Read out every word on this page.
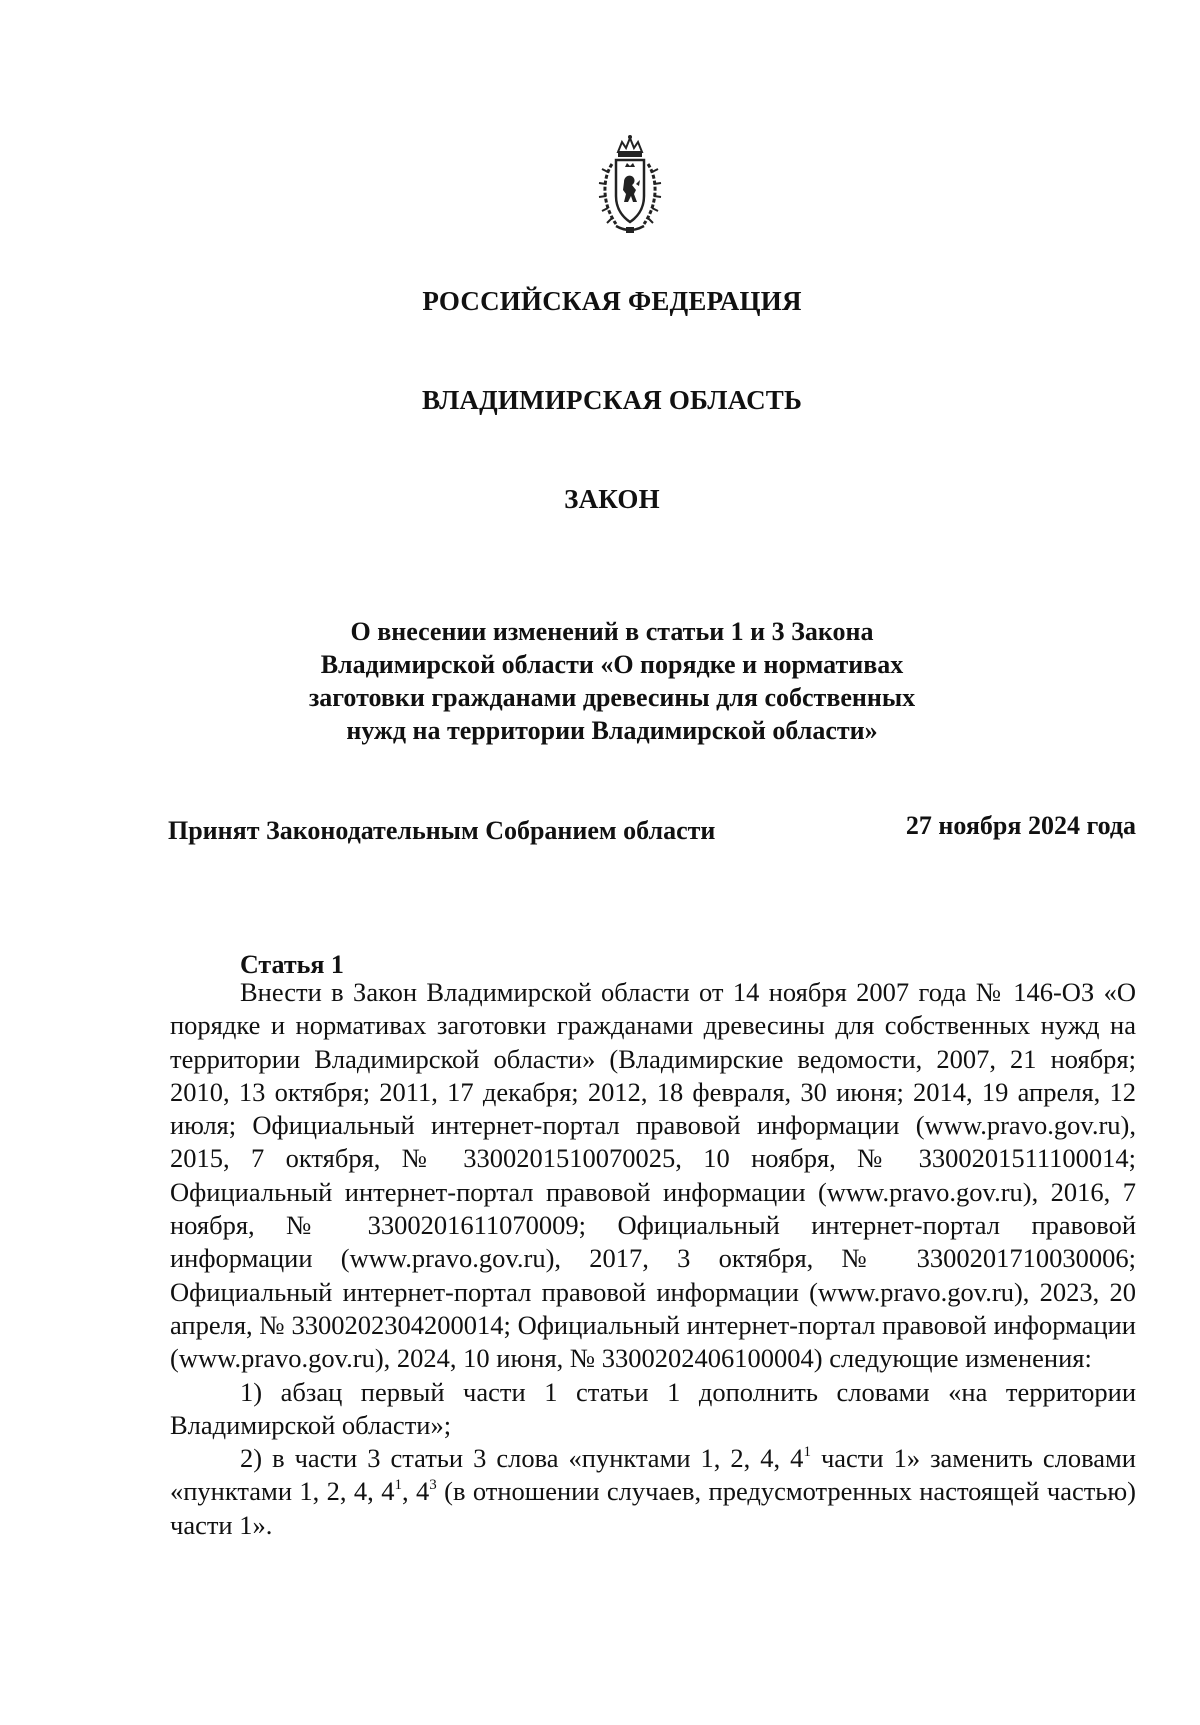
РОССИЙСКАЯ ФЕДЕРАЦИЯ
ВЛАДИМИРСКАЯ ОБЛАСТЬ
ЗАКОН
О внесении изменений в статьи 1 и 3 Закона
Владимирской области «О порядке и нормативах
заготовки гражданами древесины для собственных
нужд на территории Владимирской области»
Принят Законодательным Собранием области	27 ноября 2024 года
Статья 1

Внести в Закон Владимирской области от 14 ноября 2007 года № 146-ОЗ «О порядке и нормативах заготовки гражданами древесины для собственных нужд на территории Владимирской области» (Владимирские ведомости, 2007, 21 ноября; 2010, 13 октября; 2011, 17 декабря; 2012, 18 февраля, 30 июня; 2014, 19 апреля, 12 июля; Официальный интернет-портал правовой информации (www.pravo.gov.ru), 2015, 7 октября, № 3300201510070025, 10 ноября, № 3300201511100014; Официальный интернет-портал правовой информации (www.pravo.gov.ru), 2016, 7 ноября, № 3300201611070009; Официальный интернет-портал правовой информации (www.pravo.gov.ru), 2017, 3 октября, № 3300201710030006; Официальный интернет-портал правовой информации (www.pravo.gov.ru), 2023, 20 апреля, № 3300202304200014; Официальный интернет-портал правовой информации (www.pravo.gov.ru), 2024, 10 июня, № 3300202406100004) следующие изменения:

1) абзац первый части 1 статьи 1 дополнить словами «на территории Владимирской области»;

2) в части 3 статьи 3 слова «пунктами 1, 2, 4, $4^1$ части 1» заменить словами «пунктами 1, 2, 4, $4^1$, $4^3$ (в отношении случаев, предусмотренных настоящей частью) части 1».
